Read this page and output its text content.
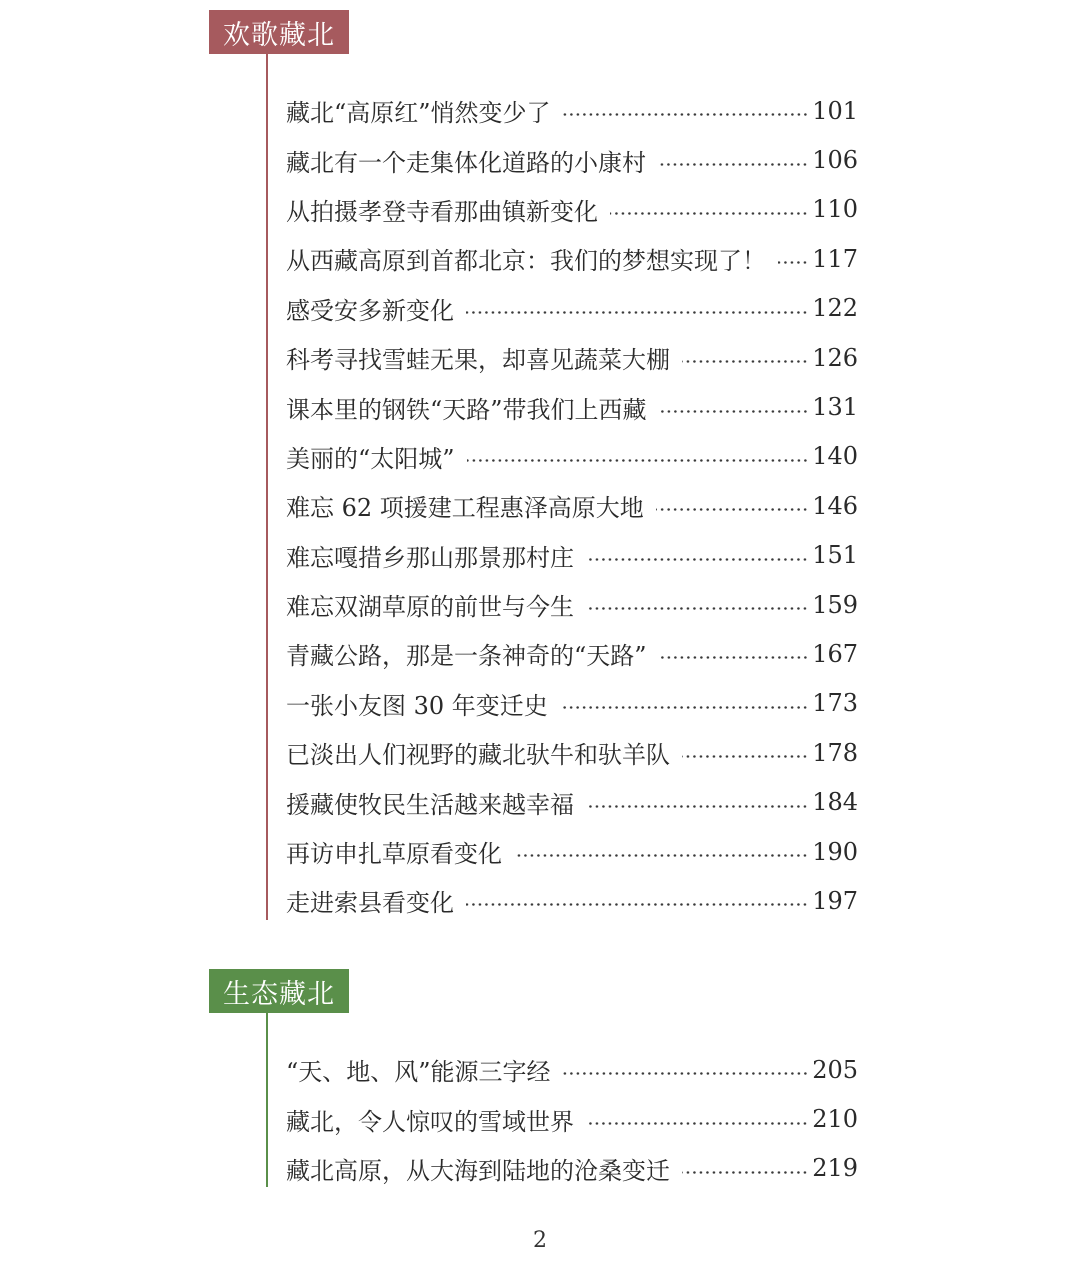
欢歌藏北
藏北“高原红”悄然变少了	101
藏北有一个走集体化道路的小康村	106
从拍摄孝登寺看那曲镇新变化	110
从西藏高原到首都北京：我们的梦想实现了！ 117
感受安多新变化	122
科考寻找雪蛙无果，却喜见蔬菜大棚	126
课本里的钢铁“天路”带我们上西藏	131
美丽的“太阳城”	140
难忘 62 项援建工程惠泽高原大地	146
难忘嘎措乡那山那景那村庄	151
难忘双湖草原的前世与今生	159
青藏公路，那是一条神奇的“天路”	167
一张小友图 30 年变迁史	173
已淡出人们视野的藏北驮牛和驮羊队	178
援藏使牧民生活越来越幸福	184
再访申扎草原看变化	190
走进索县看变化	197
生态藏北
“天、地、风”能源三字经	205
藏北，令人惊叹的雪域世界	210
藏北高原，从大海到陆地的沧桑变迁	219
2
